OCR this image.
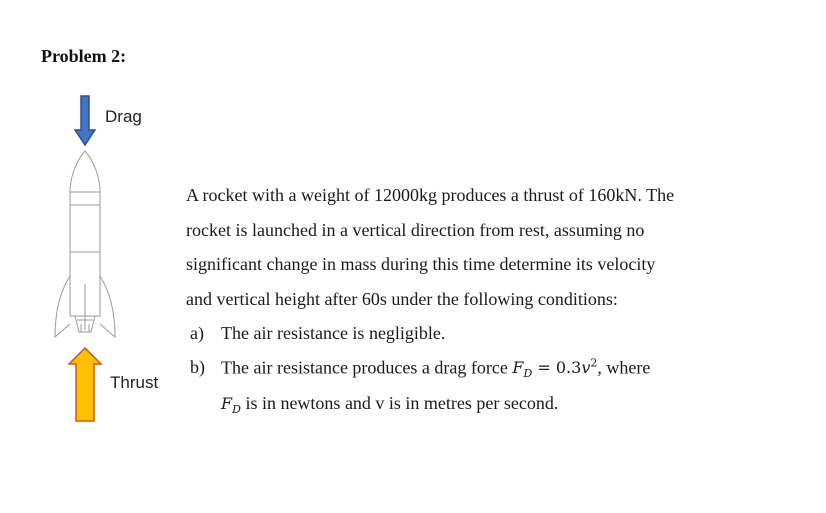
Problem 2:
Drag
Thrust
A rocket with a weight of 12000kg produces a thrust of 160kN. The
rocket is launched in a vertical direction from rest, assuming no
significant change in mass during this time determine its velocity
and vertical height after 60s under the following conditions:
a) The air resistance is negligible.
b) The air resistance produces a drag force $F_D = 0.3v^2$, where
$F_D$ is in newtons and v is in metres per second.
